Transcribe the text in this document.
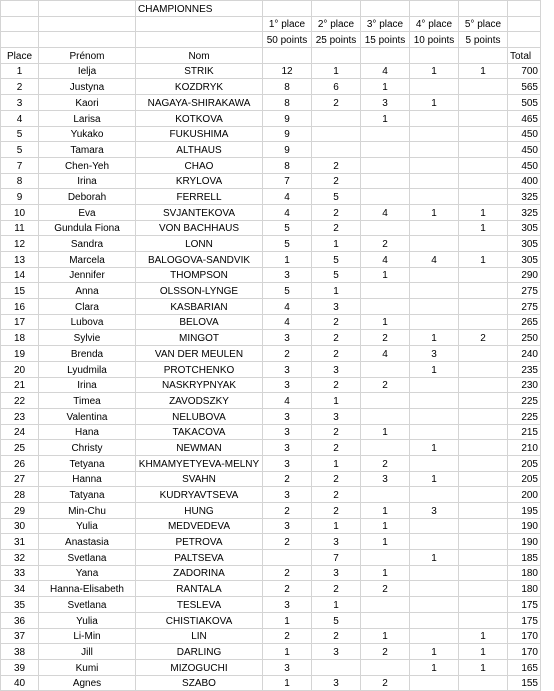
		CHAMPIONNES						
			1° place	2° place	3° place	4° place	5° place	
			50 points	25 points	15 points	10 points	5 points	
Place	Prénom	Nom						Total
1	Ielja	STRIK	12	1	4	1	1	700
2	Justyna	KOZDRYK	8	6	1			565
3	Kaori	NAGAYA-SHIRAKAWA	8	2	3	1		505
4	Larisa	KOTKOVA	9		1			465
5	Yukako	FUKUSHIMA	9					450
5	Tamara	ALTHAUS	9					450
7	Chen-Yeh	CHAO	8	2				450
8	Irina	KRYLOVA	7	2				400
9	Deborah	FERRELL	4	5				325
10	Eva	SVJANTEKOVA	4	2	4	1	1	325
11	Gundula Fiona	VON BACHHAUS	5	2			1	305
12	Sandra	LONN	5	1	2			305
13	Marcela	BALOGOVA-SANDVIK	1	5	4	4	1	305
14	Jennifer	THOMPSON	3	5	1			290
15	Anna	OLSSON-LYNGE	5	1				275
16	Clara	KASBARIAN	4	3				275
17	Lubova	BELOVA	4	2	1			265
18	Sylvie	MINGOT	3	2	2	1	2	250
19	Brenda	VAN DER MEULEN	2	2	4	3		240
20	Lyudmila	PROTCHENKO	3	3		1		235
21	Irina	NASKRYPNYAK	3	2	2			230
22	Timea	ZAVODSZKY	4	1				225
23	Valentina	NELUBOVA	3	3				225
24	Hana	TAKACOVA	3	2	1			215
25	Christy	NEWMAN	3	2		1		210
26	Tetyana	KHMAMYETYEVA-MELNY	3	1	2			205
27	Hanna	SVAHN	2	2	3	1		205
28	Tatyana	KUDRYAVTSEVA	3	2				200
29	Min-Chu	HUNG	2	2	1	3		195
30	Yulia	MEDVEDEVA	3	1	1			190
31	Anastasia	PETROVA	2	3	1			190
32	Svetlana	PALTSEVA		7		1		185
33	Yana	ZADORINA	2	3	1			180
34	Hanna-Elisabeth	RANTALA	2	2	2			180
35	Svetlana	TESLEVA	3	1				175
36	Yulia	CHISTIAKOVA	1	5				175
37	Li-Min	LIN	2	2	1		1	170
38	Jill	DARLING	1	3	2	1	1	170
39	Kumi	MIZOGUCHI	3			1	1	165
40	Agnes	SZABO	1	3	2			155
